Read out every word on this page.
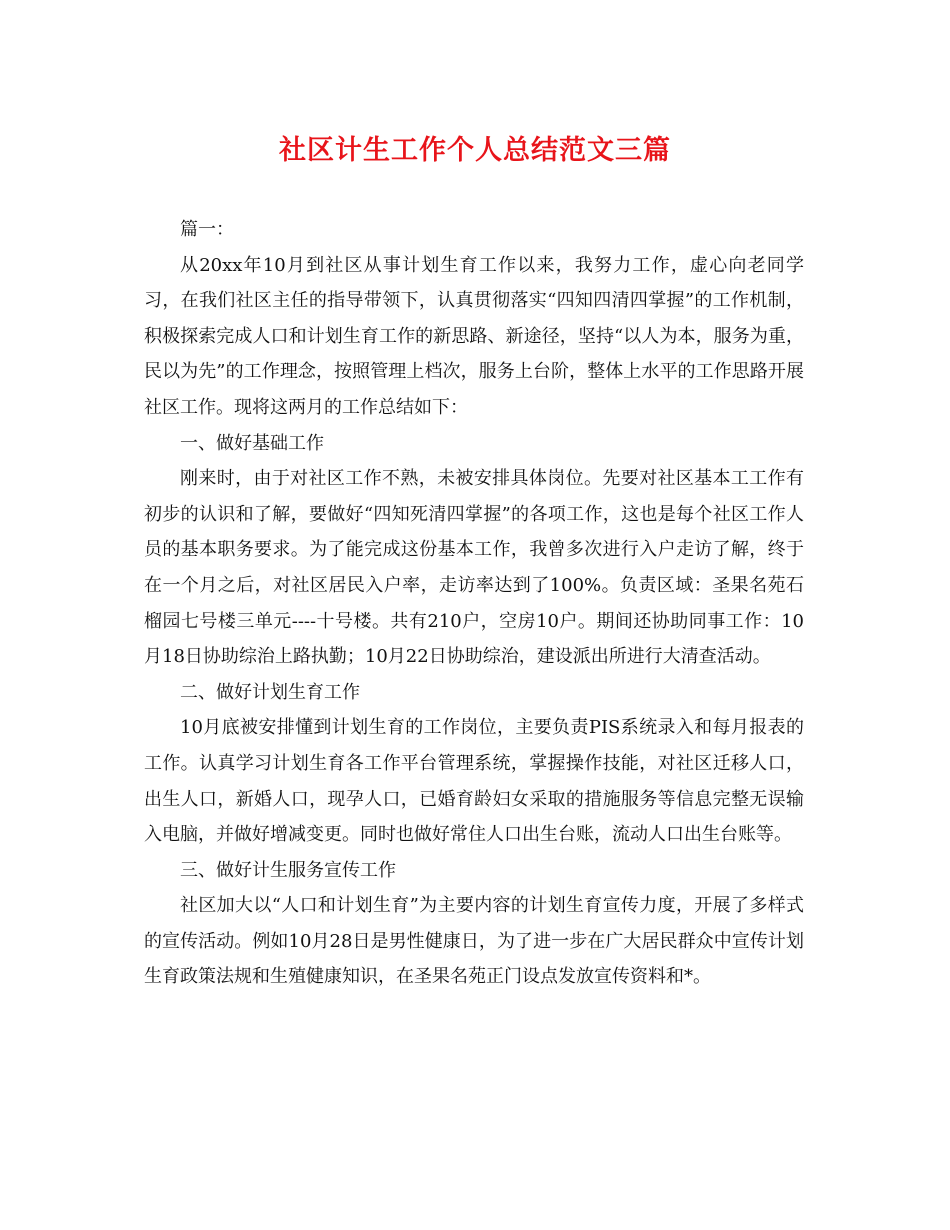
社区计生工作个人总结范文三篇

篇一：

从20xx年10月到社区从事计划生育工作以来，我努力工作，虚心向老同学习，在我们社区主任的指导带领下，认真贯彻落实“四知四清四掌握”的工作机制，积极探索完成人口和计划生育工作的新思路、新途径，坚持“以人为本，服务为重，民以为先”的工作理念，按照管理上档次，服务上台阶，整体上水平的工作思路开展社区工作。现将这两月的工作总结如下：

一、做好基础工作

刚来时，由于对社区工作不熟，未被安排具体岗位。先要对社区基本工工作有初步的认识和了解，要做好“四知死清四掌握”的各项工作，这也是每个社区工作人员的基本职务要求。为了能完成这份基本工作，我曾多次进行入户走访了解，终于在一个月之后，对社区居民入户率，走访率达到了100%。负责区域：圣果名苑石榴园七号楼三单元----十号楼。共有210户，空房10户。期间还协助同事工作：10月18日协助综治上路执勤；10月22日协助综治，建设派出所进行大清查活动。

二、做好计划生育工作

10月底被安排懂到计划生育的工作岗位，主要负责PIS系统录入和每月报表的工作。认真学习计划生育各工作平台管理系统，掌握操作技能，对社区迁移人口，出生人口，新婚人口，现孕人口，已婚育龄妇女采取的措施服务等信息完整无误输入电脑，并做好增减变更。同时也做好常住人口出生台账，流动人口出生台账等。

三、做好计生服务宣传工作

社区加大以“人口和计划生育”为主要内容的计划生育宣传力度，开展了多样式的宣传活动。例如10月28日是男性健康日，为了进一步在广大居民群众中宣传计划生育政策法规和生殖健康知识，在圣果名苑正门设点发放宣传资料和*。
